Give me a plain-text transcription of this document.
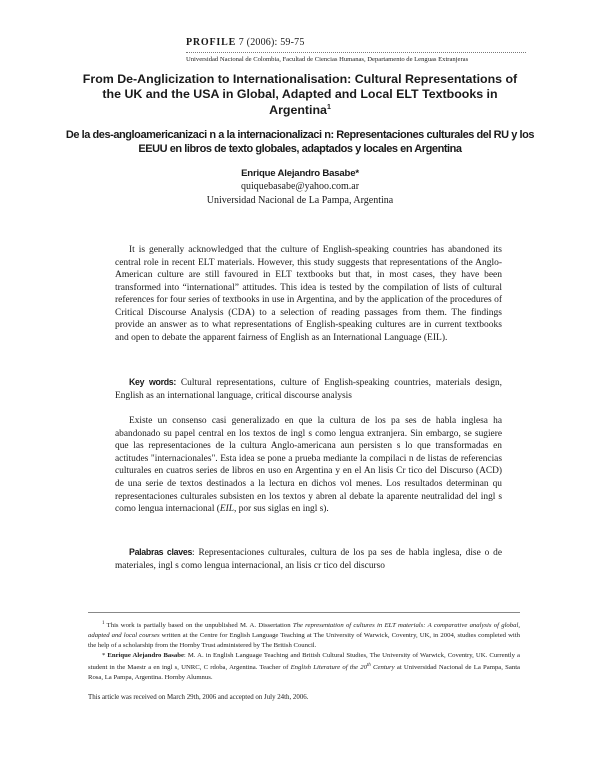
PROFILE 7 (2006): 59-75
Universidad Nacional de Colombia, Facultad de Ciencias Humanas, Departamento de Lenguas Extranjeras
From De-Anglicization to Internationalisation: Cultural Representations of the UK and the USA in Global, Adapted and Local ELT Textbooks in Argentina$^1$
De la des-angloamericanizaci n a la internacionalizaci n: Representaciones culturales del RU y los EEUU en libros de texto globales, adaptados y locales en Argentina
Enrique Alejandro Basabe*
quiquebasabe@yahoo.com.ar
Universidad Nacional de La Pampa, Argentina

It is generally acknowledged that the culture of English-speaking countries has abandoned its central role in recent ELT materials. However, this study suggests that representations of the Anglo-American culture are still favoured in ELT textbooks but that, in most cases, they have been transformed into “international” attitudes. This idea is tested by the compilation of lists of cultural references for four series of textbooks in use in Argentina, and by the application of the procedures of Critical Discourse Analysis (CDA) to a selection of reading passages from them. The findings provide an answer as to what representations of English-speaking cultures are in current textbooks and open to debate the apparent fairness of English as an International Language (EIL).

Key words: Cultural representations, culture of English-speaking countries, materials design, English as an international language, critical discourse analysis

Existe un consenso casi generalizado en que la cultura de los pa ses de habla inglesa ha abandonado su papel central en los textos de ingl s como lengua extranjera. Sin embargo, se sugiere que las representaciones de la cultura Anglo-americana aun persisten s lo que transformadas en actitudes "internacionales". Esta idea se pone a prueba mediante la compilaci n de listas de referencias culturales en cuatros series de libros en uso en Argentina y en el An lisis Cr tico del Discurso (ACD) de una serie de textos destinados a la lectura en dichos vol menes. Los resultados determinan qu representaciones culturales subsisten en los textos y abren al debate la aparente neutralidad del ingl s como lengua internacional (EIL, por sus siglas en ingl s).

Palabras claves: Representaciones culturales, cultura de los pa ses de habla inglesa, dise o de materiales, ingl s como lengua internacional, an lisis cr tico del discurso

$^1$ This work is partially based on the unpublished M. A. Dissertation The representation of cultures in ELT materials: A comparative analysis of global, adapted and local courses written at the Centre for English Language Teaching at The University of Warwick, Coventry, UK, in 2004, studies completed with the help of a scholarship from the Hornby Trust administered by The British Council.
* Enrique Alejandro Basabe: M. A. in English Language Teaching and British Cultural Studies, The University of Warwick, Coventry, UK. Currently a student in the Maestr a en ingl s, UNRC, C rdoba, Argentina. Teacher of English Literature of the 20th Century at Universidad Nacional de La Pampa, Santa Rosa, La Pampa, Argentina. Hornby Alumnus.
This article was received on March 29th, 2006 and accepted on July 24th, 2006.
